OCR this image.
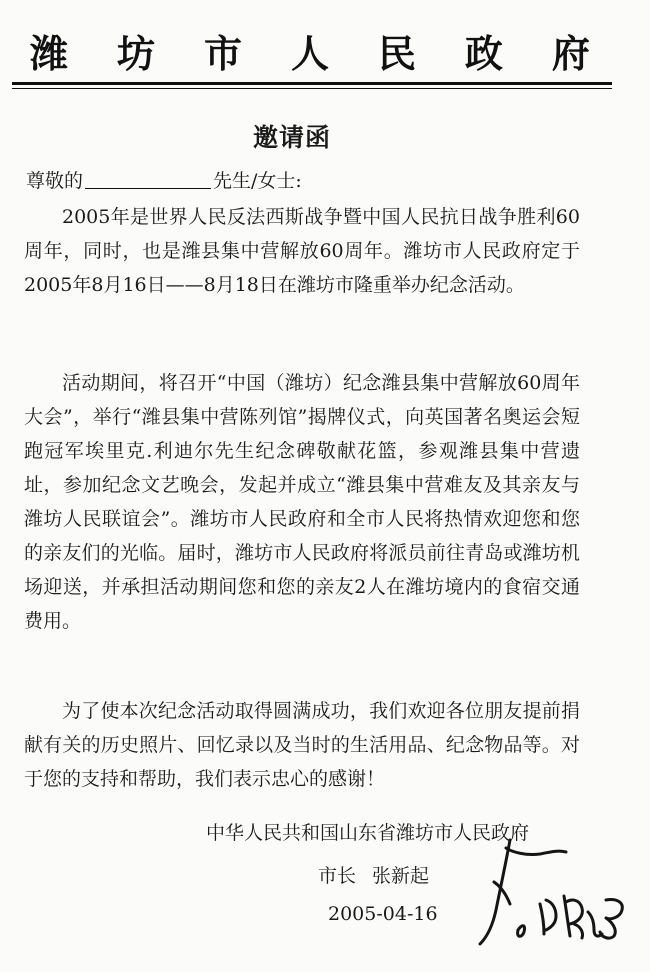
潍 坊 市 人 民 政 府
邀请函
尊敬的	先生/女士:

2005年是世界人民反法西斯战争暨中国人民抗日战争胜利60周年，同时，也是潍县集中营解放60周年。潍坊市人民政府定于2005年8月16日——8月18日在潍坊市隆重举办纪念活动。

活动期间，将召开“中国（潍坊）纪念潍县集中营解放60周年大会”，举行“潍县集中营陈列馆”揭牌仪式，向英国著名奥运会短跑冠军埃里克.利迪尔先生纪念碑敬献花篮，参观潍县集中营遗址，参加纪念文艺晚会，发起并成立“潍县集中营难友及其亲友与潍坊人民联谊会”。潍坊市人民政府和全市人民将热情欢迎您和您的亲友们的光临。届时，潍坊市人民政府将派员前往青岛或潍坊机场迎送，并承担活动期间您和您的亲友2人在潍坊境内的食宿交通费用。

为了使本次纪念活动取得圆满成功，我们欢迎各位朋友提前捐献有关的历史照片、回忆录以及当时的生活用品、纪念物品等。对于您的支持和帮助，我们表示忠心的感谢！

中华人民共和国山东省潍坊市人民政府
市长 张新起
2005-04-16
